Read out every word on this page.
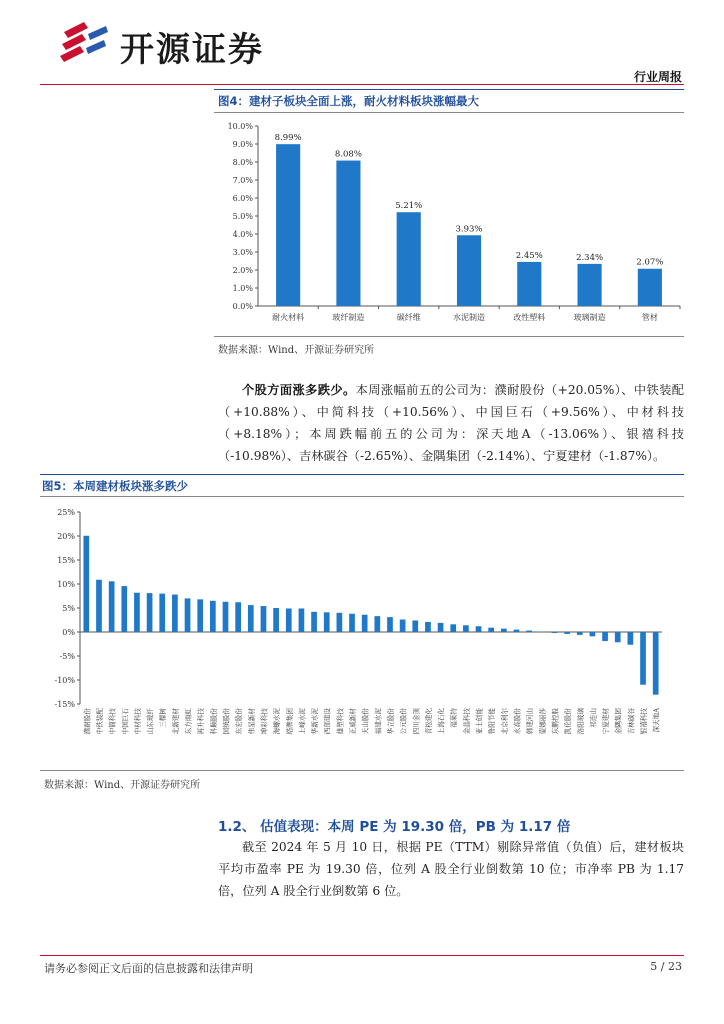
开源证券
行业周报
图4：建材子板块全面上涨，耐火材料板块涨幅最大
0.0%
1.0%
2.0%
3.0%
4.0%
5.0%
6.0%
7.0%
8.0%
9.0%
10.0%
8.99%
耐火材料
8.08%
玻纤制造
5.21%
碳纤维
3.93%
水泥制造
2.45%
改性塑料
2.34%
玻璃制造
2.07%
管材
数据来源：Wind、开源证券研究所
个股方面涨多跌少。本周涨幅前五的公司为：濮耐股份（+20.05%）、中铁装配（+10.88%）、中简科技（+10.56%）、中国巨石（+9.56%）、中材科技（+8.18%）；本周跌幅前五的公司为：深天地A（-13.06%）、银禧科技（-10.98%）、吉林碳谷（-2.65%）、金隅集团（-2.14%）、宁夏建材（-1.87%）。
图5：本周建材板块涨多跌少
-15%
-10%
-5%
0%
5%
10%
15%
20%
25%
濮耐股份 中铁装配 中简科技 中国巨石 中材科技 山东玻纤 三棵树 北新建材 东方雨虹 再升科技 科顺股份 国统股份 东宏股份 伟星新材 坤彩科技 海螺水泥 塔牌集团 上峰水泥 华新水泥 西部建设 雄塑科技 正威新材 天山股份 福建水泥 华立股份 公元股份 四川金顶 青松建化 上海石化 福莱特 金晶科技 亚士创能 鲁阳节能 北京利尔 永高股份 韩建河山 蒙娜丽莎 东鹏控股 凯伦股份 洛阳玻璃 祁连山 宁夏建材 金隅集团 吉林碳谷 银禧科技 深天地A
数据来源：Wind、开源证券研究所
1.2、 估值表现：本周 PE 为 19.30 倍，PB 为 1.17 倍
截至 2024 年 5 月 10 日，根据 PE（TTM）剔除异常值（负值）后，建材板块平均市盈率 PE 为 19.30 倍，位列 A 股全行业倒数第 10 位；市净率 PB 为 1.17 倍，位列 A 股全行业倒数第 6 位。
请务必参阅正文后面的信息披露和法律声明	5 / 23
